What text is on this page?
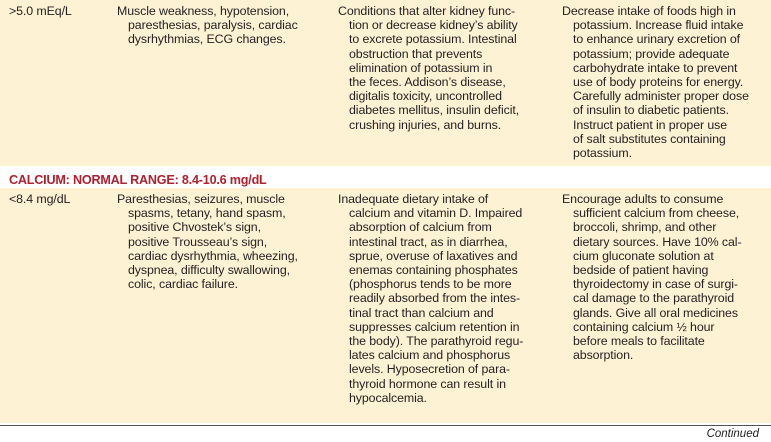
>5.0 mEq/L	Muscle weakness, hypotension,
paresthesias, paralysis, cardiac
dysrhythmias, ECG changes.
Conditions that alter kidney func-
tion or decrease kidney’s ability
to excrete potassium. Intestinal
obstruction that prevents
elimination of potassium in
the feces. Addison’s disease,
digitalis toxicity, uncontrolled
diabetes mellitus, insulin deficit,
crushing injuries, and burns.
Decrease intake of foods high in
potassium. Increase fluid intake
to enhance urinary excretion of
potassium; provide adequate
carbohydrate intake to prevent
use of body proteins for energy.
Carefully administer proper dose
of insulin to diabetic patients.
Instruct patient in proper use
of salt substitutes containing
potassium.
CALCIUM: NORMAL RANGE: 8.4-10.6 mg/dL
<8.4 mg/dL	Paresthesias, seizures, muscle
spasms, tetany, hand spasm,
positive Chvostek’s sign,
positive Trousseau’s sign,
cardiac dysrhythmia, wheezing,
dyspnea, difficulty swallowing,
colic, cardiac failure.
Inadequate dietary intake of
calcium and vitamin D. Impaired
absorption of calcium from
intestinal tract, as in diarrhea,
sprue, overuse of laxatives and
enemas containing phosphates
(phosphorus tends to be more
readily absorbed from the intes-
tinal tract than calcium and
suppresses calcium retention in
the body). The parathyroid regu-
lates calcium and phosphorus
levels. Hyposecretion of para-
thyroid hormone can result in
hypocalcemia.
Encourage adults to consume
sufficient calcium from cheese,
broccoli, shrimp, and other
dietary sources. Have 10% cal-
cium gluconate solution at
bedside of patient having
thyroidectomy in case of surgi-
cal damage to the parathyroid
glands. Give all oral medicines
containing calcium ½ hour
before meals to facilitate
absorption.
Continued
